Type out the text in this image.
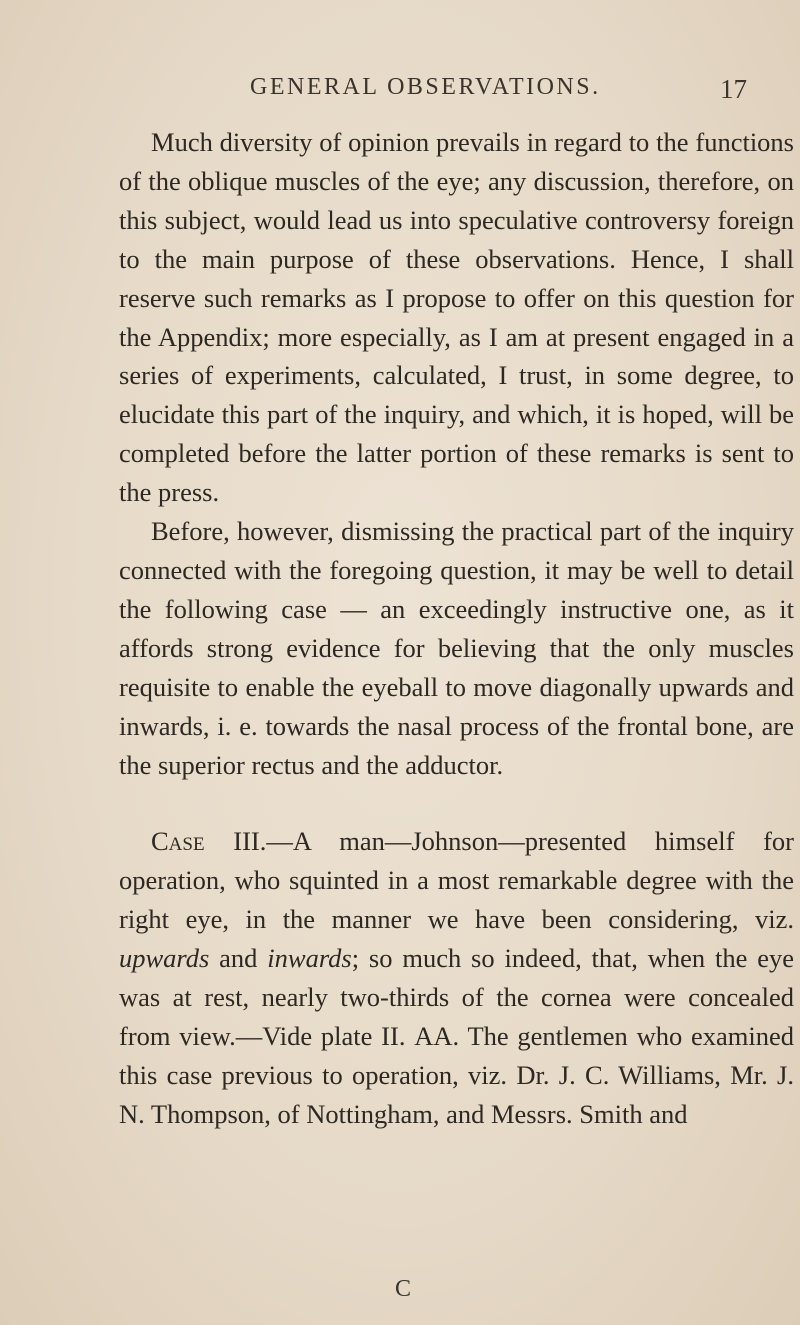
GENERAL OBSERVATIONS.	17

Much diversity of opinion prevails in regard to the functions of the oblique muscles of the eye; any discussion, therefore, on this subject, would lead us into speculative controversy foreign to the main purpose of these observations. Hence, I shall reserve such remarks as I propose to offer on this question for the Appendix; more especially, as I am at present engaged in a series of experiments, calculated, I trust, in some degree, to elucidate this part of the inquiry, and which, it is hoped, will be completed before the latter portion of these remarks is sent to the press.

Before, however, dismissing the practical part of the inquiry connected with the foregoing question, it may be well to detail the following case — an exceedingly instructive one, as it affords strong evidence for believing that the only muscles requisite to enable the eyeball to move diagonally upwards and inwards, i. e. towards the nasal process of the frontal bone, are the superior rectus and the adductor.

Case III.—A man—Johnson—presented himself for operation, who squinted in a most remarkable degree with the right eye, in the manner we have been considering, viz. upwards and inwards; so much so indeed, that, when the eye was at rest, nearly two-thirds of the cornea were concealed from view.—Vide plate II. AA. The gentlemen who examined this case previous to operation, viz. Dr. J. C. Williams, Mr. J. N. Thompson, of Nottingham, and Messrs. Smith and

C
